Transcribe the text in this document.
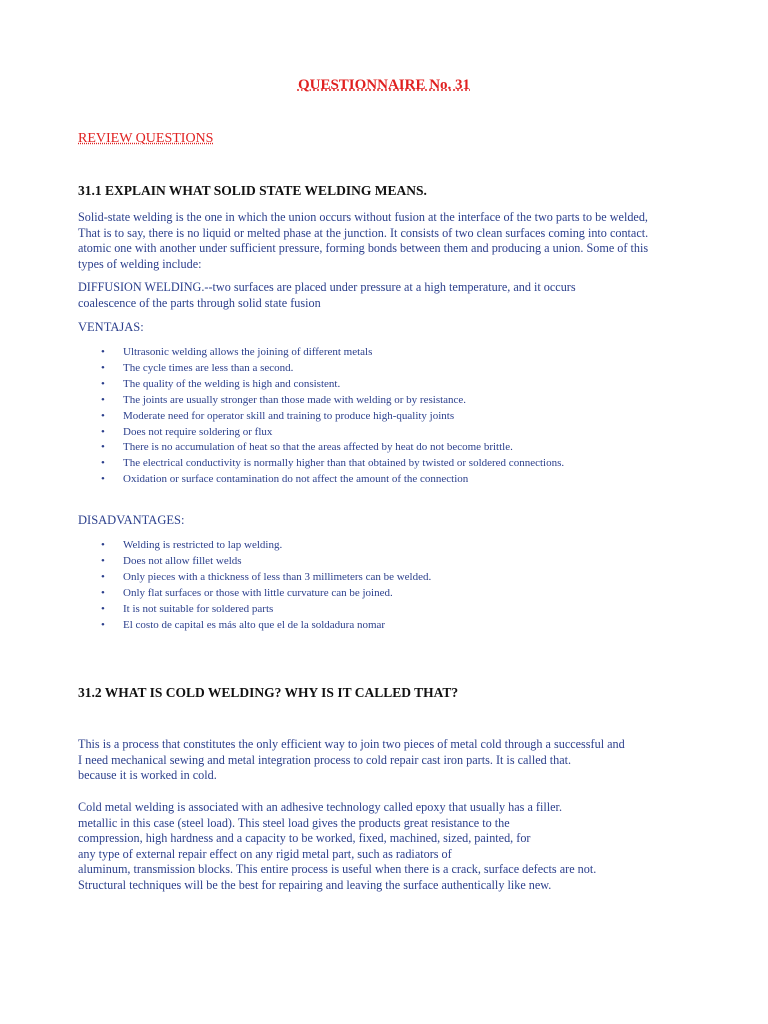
QUESTIONNAIRE No. 31
REVIEW QUESTIONS
31.1 EXPLAIN WHAT SOLID STATE WELDING MEANS.
Solid-state welding is the one in which the union occurs without fusion at the interface of the two parts to be welded,
That is to say, there is no liquid or melted phase at the junction. It consists of two clean surfaces coming into contact.
atomic one with another under sufficient pressure, forming bonds between them and producing a union. Some of this
types of welding include:
DIFFUSION WELDING.--two surfaces are placed under pressure at a high temperature, and it occurs
coalescence of the parts through solid state fusion
VENTAJAS:
• Ultrasonic welding allows the joining of different metals
• The cycle times are less than a second.
• The quality of the welding is high and consistent.
• The joints are usually stronger than those made with welding or by resistance.
• Moderate need for operator skill and training to produce high-quality joints
• Does not require soldering or flux
• There is no accumulation of heat so that the areas affected by heat do not become brittle.
• The electrical conductivity is normally higher than that obtained by twisted or soldered connections.
• Oxidation or surface contamination do not affect the amount of the connection
DISADVANTAGES:
• Welding is restricted to lap welding.
• Does not allow fillet welds
• Only pieces with a thickness of less than 3 millimeters can be welded.
• Only flat surfaces or those with little curvature can be joined.
• It is not suitable for soldered parts
• El costo de capital es más alto que el de la soldadura nomar
31.2 WHAT IS COLD WELDING? WHY IS IT CALLED THAT?
This is a process that constitutes the only efficient way to join two pieces of metal cold through a successful and
I need mechanical sewing and metal integration process to cold repair cast iron parts. It is called that.
because it is worked in cold.
Cold metal welding is associated with an adhesive technology called epoxy that usually has a filler.
metallic in this case (steel load). This steel load gives the products great resistance to the
compression, high hardness and a capacity to be worked, fixed, machined, sized, painted, for
any type of external repair effect on any rigid metal part, such as radiators of
aluminum, transmission blocks. This entire process is useful when there is a crack, surface defects are not.
Structural techniques will be the best for repairing and leaving the surface authentically like new.
